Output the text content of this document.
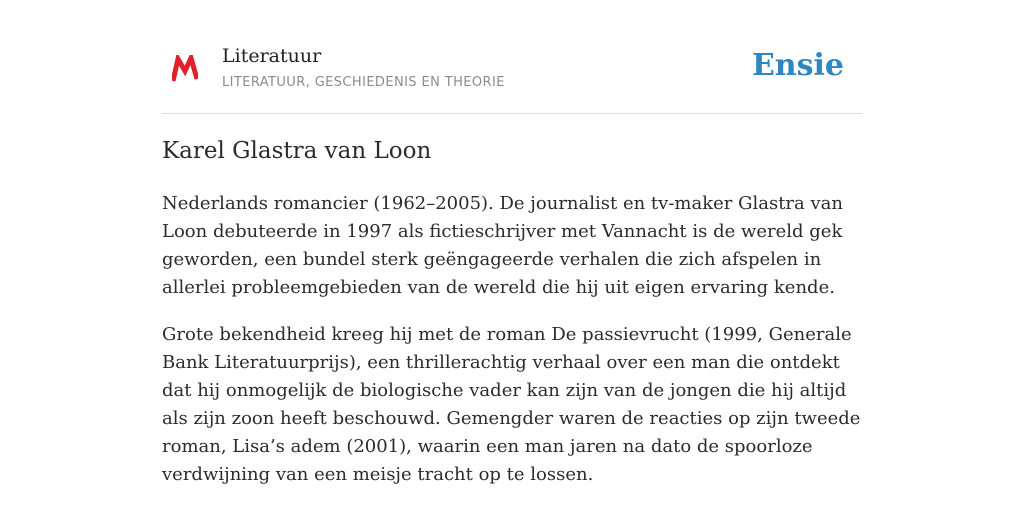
Literatuur
LITERATUUR, GESCHIEDENIS EN THEORIE	Ensie
Karel Glastra van Loon

Nederlands romancier (1962–2005). De journalist en tv-maker Glastra van Loon debuteerde in 1997 als fictieschrijver met Vannacht is de wereld gek geworden, een bundel sterk geëngageerde verhalen die zich afspelen in allerlei probleemgebieden van de wereld die hij uit eigen ervaring kende.

Grote bekendheid kreeg hij met de roman De passievrucht (1999, Generale Bank Literatuurprijs), een thrillerachtig verhaal over een man die ontdekt dat hij onmogelijk de biologische vader kan zijn van de jongen die hij altijd als zijn zoon heeft beschouwd. Gemengder waren de reacties op zijn tweede roman, Lisa’s adem (2001), waarin een man jaren na dato de spoorloze verdwijning van een meisje tracht op te lossen.
